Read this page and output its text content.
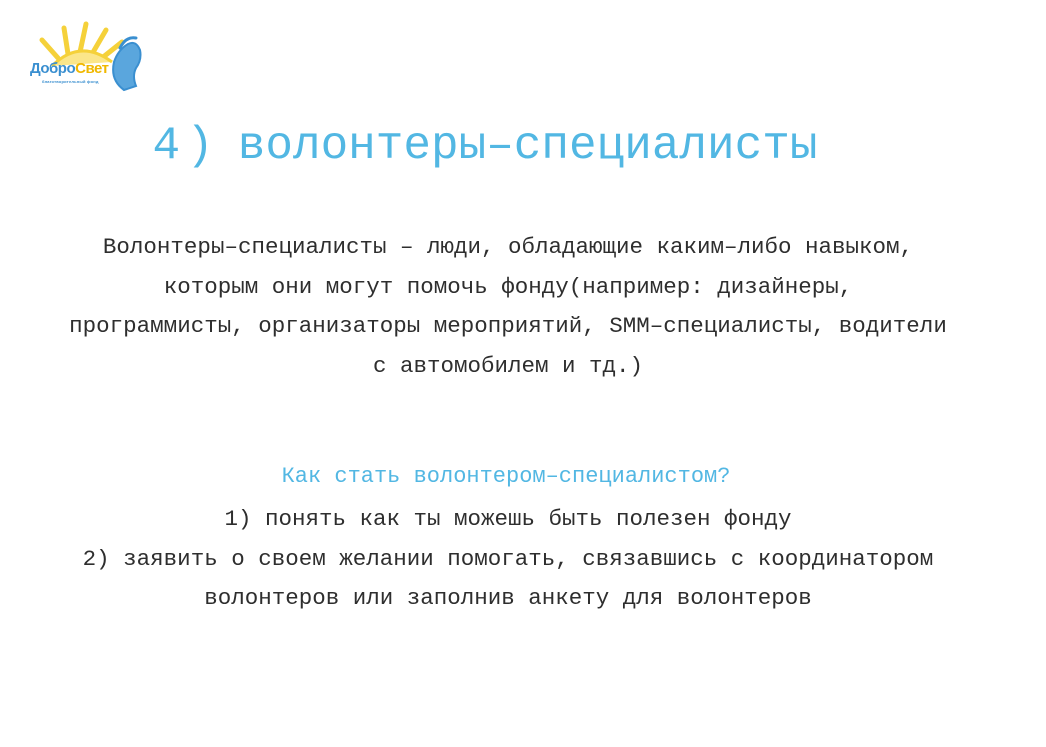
ДоброСвет
благотворительный фонд
4) волонтеры–специалисты
Волонтеры–специалисты – люди, обладающие каким–либо навыком,
которым они могут помочь фонду(например: дизайнеры,
программисты, организаторы мероприятий, SMM–специалисты, водители
с автомобилем и тд.)
Как стать волонтером–специалистом?
1) понять как ты можешь быть полезен фонду
2) заявить о своем желании помогать, связавшись с координатором
волонтеров или заполнив анкету для волонтеров
